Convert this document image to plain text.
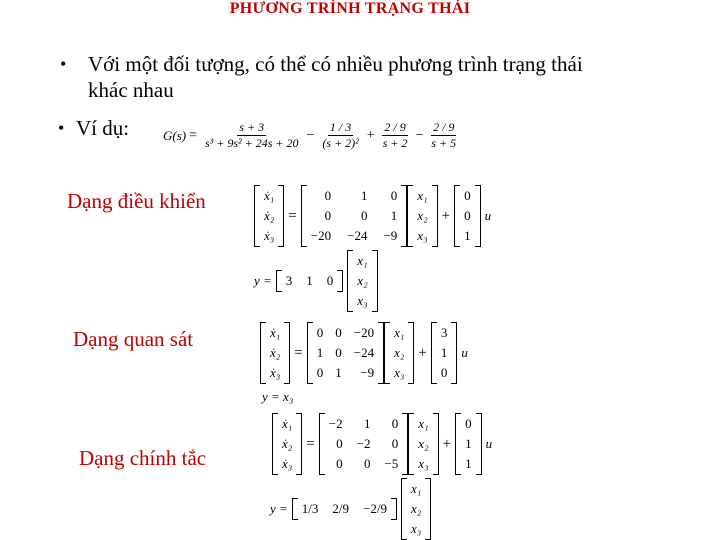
PHƯƠNG TRÌNH TRẠNG THÁI
• Với một đối tượng, có thể có nhiều phương trình trạng thái
khác nhau
• Ví dụ:	$G(s) = \frac{s + 3}{\text{s³ + 9s² + 24s + 20}} - \frac{1 / 3}{\text{(s + 2)²}} + \frac{2 / 9}{s + 2} - \frac{2 / 9}{s + 5}$
Dạng điều khiển	ẋ₁
ẋ₂
ẋ₃
=
0 1 0
0 0 1
−20 −24 −9
x₁
x₂
x₃
+
0
0
1
u
y = 3 1 0
x₁
x₂
x₃
Dạng quan sát	ẋ₁
ẋ₂
ẋ₃
=
0 0 −20
1 0 −24
0 1 −9
x₁
x₂
x₃
+
3
1
0
u
y = x₃
Dạng chính tắc
ẋ₁
ẋ₂
ẋ₃
=
−2 1 0
0 −2 0
0 0 −5
x₁
x₂
x₃
+
0
1
1
u
y = 1/3 2/9 −2/9
x₁
x₂
x₃
